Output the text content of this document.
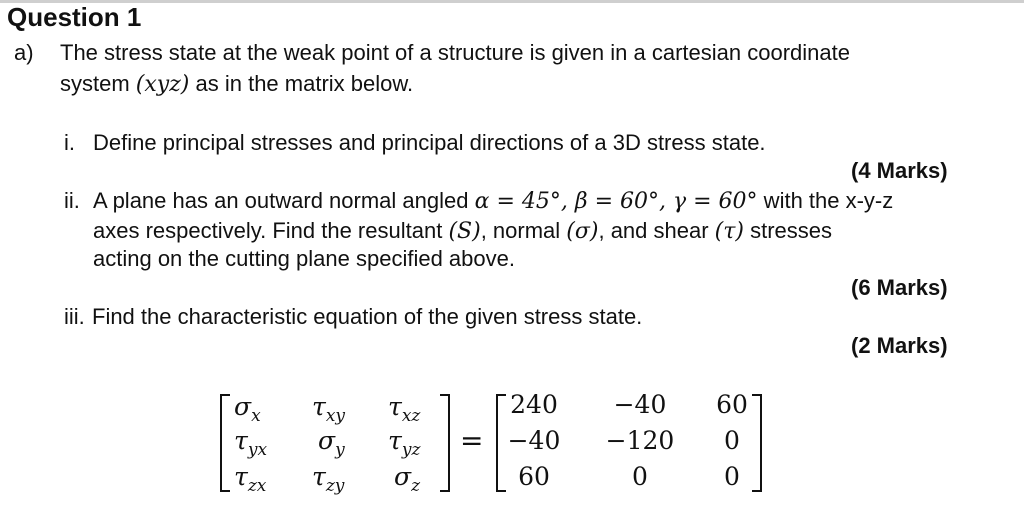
Question 1
a) The stress state at the weak point of a structure is given in a cartesian coordinate
system (xyz) as in the matrix below.
i. Define principal stresses and principal directions of a 3D stress state.
(4 Marks)
ii. A plane has an outward normal angled α = 45°, β = 60°, γ = 60° with the x-y-z
axes respectively. Find the resultant (S), normal (σ), and shear (τ) stresses
acting on the cutting plane specified above.
(6 Marks)
iii. Find the characteristic equation of the given stress state.
(2 Marks)
$\sigma_x$	$\tau_{xy}$	$\tau_{xz}$
$\tau_{yx}$	$\sigma_y$	$\tau_{yz}$
$\tau_{zx}$	$\tau_{zy}$	$\sigma_z$
=
240	−40	60
−40	−120	0
60	0	0
